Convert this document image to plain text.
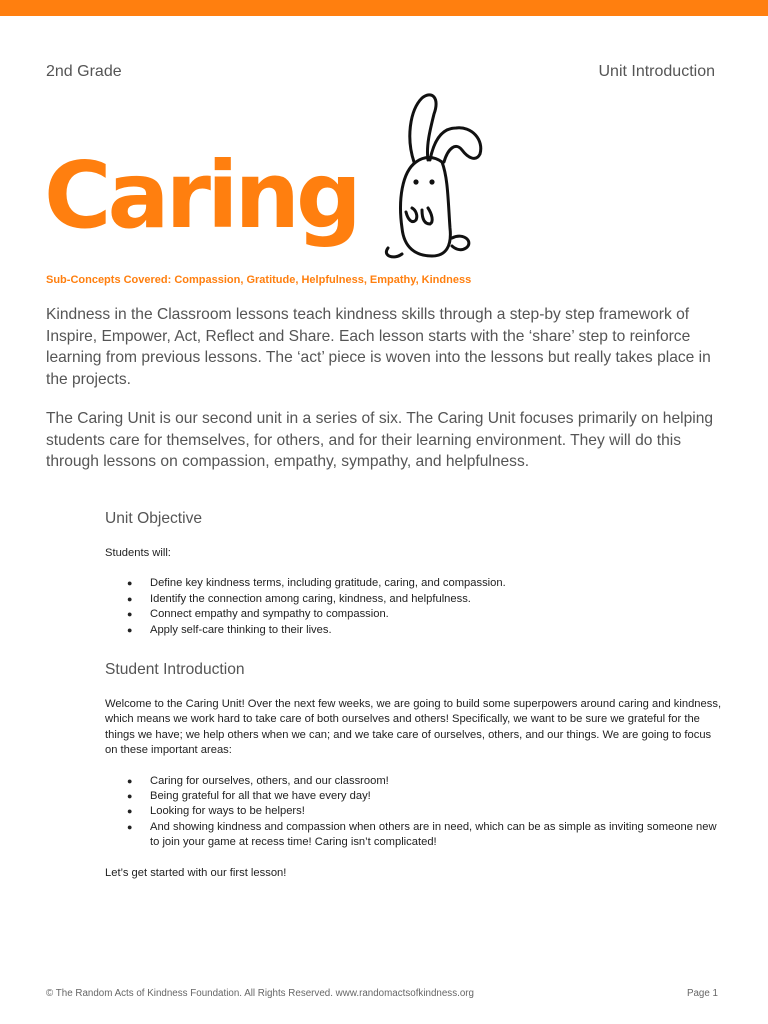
2nd Grade	Unit Introduction
Caring
Sub-Concepts Covered: Compassion, Gratitude, Helpfulness, Empathy, Kindness

Kindness in the Classroom lessons teach kindness skills through a step-by step framework of Inspire, Empower, Act, Reflect and Share. Each lesson starts with the ‘share’ step to reinforce learning from previous lessons. The ‘act’ piece is woven into the lessons but really takes place in the projects.

The Caring Unit is our second unit in a series of six. The Caring Unit focuses primarily on helping students care for themselves, for others, and for their learning environment. They will do this through lessons on compassion, empathy, sympathy, and helpfulness.

Unit Objective

Students will:

● Define key kindness terms, including gratitude, caring, and compassion.
● Identify the connection among caring, kindness, and helpfulness.
● Connect empathy and sympathy to compassion.
● Apply self-care thinking to their lives.
Student Introduction

Welcome to the Caring Unit! Over the next few weeks, we are going to build some superpowers around caring and kindness, which means we work hard to take care of both ourselves and others! Specifically, we want to be sure we grateful for the things we have; we help others when we can; and we take care of ourselves, others, and our things. We are going to focus on these important areas:

● Caring for ourselves, others, and our classroom!
● Being grateful for all that we have every day!
● Looking for ways to be helpers!
● And showing kindness and compassion when others are in need, which can be as simple as inviting someone new to join your game at recess time! Caring isn’t complicated!

Let’s get started with our first lesson!

© The Random Acts of Kindness Foundation. All Rights Reserved. www.randomactsofkindness.org	Page 1
